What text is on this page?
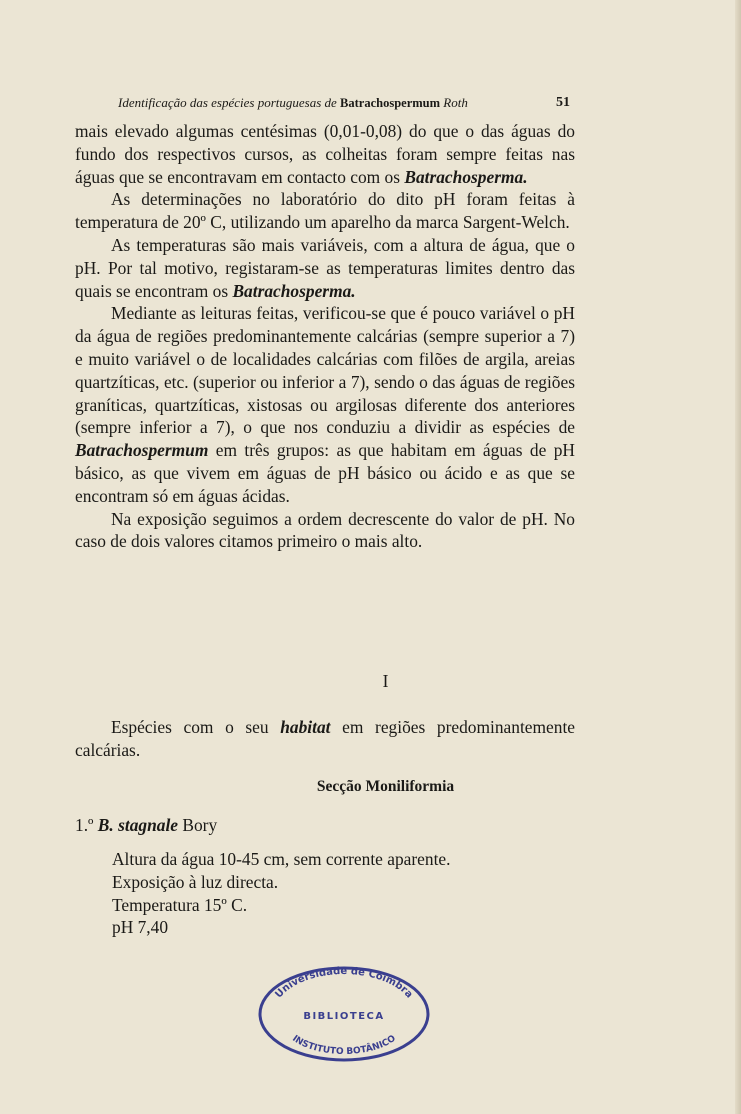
Identificação das espécies portuguesas de Batrachospermum Roth	51

mais elevado algumas centésimas (0,01-0,08) do que o das águas do fundo dos respectivos cursos, as colheitas foram sempre feitas nas águas que se encontravam em contacto com os Batrachosperma.

As determinações no laboratório do dito pH foram feitas à temperatura de 20º C, utilizando um aparelho da marca Sargent-Welch.

As temperaturas são mais variáveis, com a altura de água, que o pH. Por tal motivo, registaram-se as temperaturas limites dentro das quais se encontram os Batrachosperma.

Mediante as leituras feitas, verificou-se que é pouco variável o pH da água de regiões predominantemente calcárias (sempre superior a 7) e muito variável o de localidades calcárias com filões de argila, areias quartzíticas, etc. (superior ou inferior a 7), sendo o das águas de regiões graníticas, quartzíticas, xistosas ou argilosas diferente dos anteriores (sempre inferior a 7), o que nos conduziu a dividir as espécies de Batrachospermum em três grupos: as que habitam em águas de pH básico, as que vivem em águas de pH básico ou ácido e as que se encontram só em águas ácidas.

Na exposição seguimos a ordem decrescente do valor de pH. No caso de dois valores citamos primeiro o mais alto.

I
Espécies com o seu habitat em regiões predominantemente calcárias.
Secção Moniliformia
1.º B. stagnale Bory
Altura da água 10-45 cm, sem corrente aparente.
Exposição à luz directa.
Temperatura 15º C.
pH 7,40
Universidade de Coimbra
BIBLIOTECA
INSTITUTO BOTÂNICO
